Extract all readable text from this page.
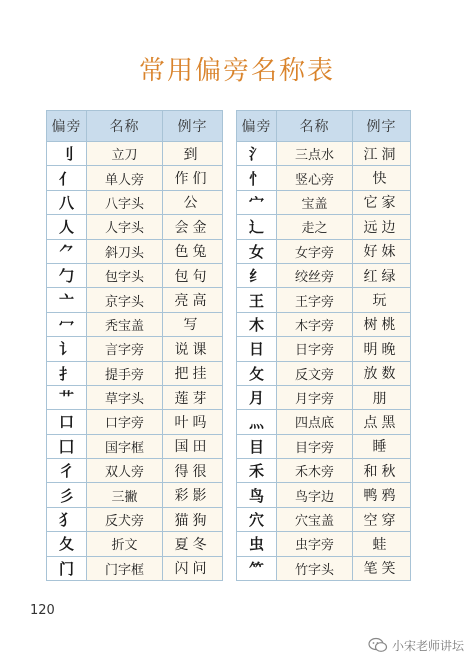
常用偏旁名称表
偏旁	名称	例字
刂	立刀	到
亻	单人旁	作们
八	八字头	公
人	人字头	会金
⺈	斜刀头	色兔
勹	包字头	包句
亠	京字头	亮高
冖	秃宝盖	写
讠	言字旁	说课
扌	提手旁	把挂
艹	草字头	莲芽
口	口字旁	叶吗
囗	国字框	国田
彳	双人旁	得很
彡	三撇	彩影
犭	反犬旁	猫狗
夂	折文	夏冬
门	门字框	闪问
偏旁	名称	例字
氵	三点水	江洞
忄	竖心旁	快
宀	宝盖	它家
辶	走之	远边
女	女字旁	好妹
纟	绞丝旁	红绿
王	王字旁	玩
木	木字旁	树桃
日	日字旁	明晚
攵	反文旁	放数
月	月字旁	朋
灬	四点底	点黑
目	目字旁	睡
禾	禾木旁	和秋
鸟	鸟字边	鸭鸦
穴	穴宝盖	空穿
虫	虫字旁	蛙
⺮	竹字头	笔笑
120
小宋老师讲坛
